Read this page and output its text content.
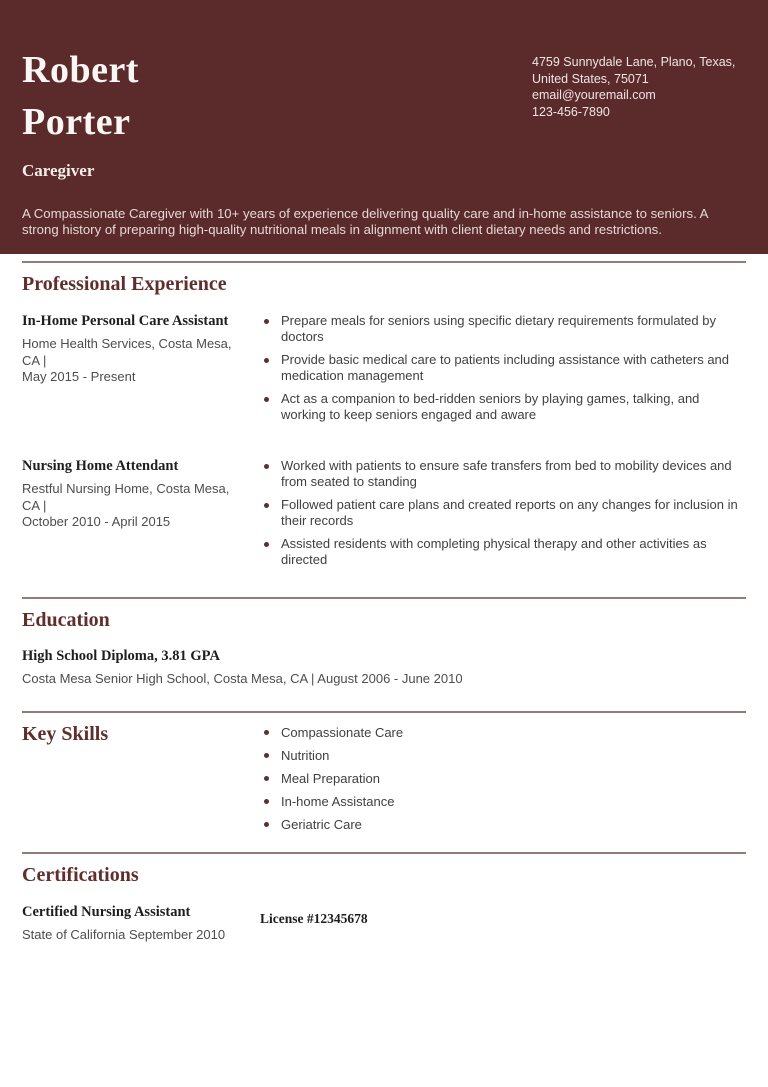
Robert
Porter
Caregiver
4759 Sunnydale Lane, Plano, Texas,
United States, 75071
email@youremail.com
123-456-7890
A Compassionate Caregiver with 10+ years of experience delivering quality care and in-home assistance to seniors. A strong history of preparing high-quality nutritional meals in alignment with client dietary needs and restrictions.
Professional Experience
In-Home Personal Care Assistant
Home Health Services, Costa Mesa, CA |
May 2015 - Present
Prepare meals for seniors using specific dietary requirements formulated by doctors
Provide basic medical care to patients including assistance with catheters and medication management
Act as a companion to bed-ridden seniors by playing games, talking, and working to keep seniors engaged and aware
Nursing Home Attendant
Restful Nursing Home, Costa Mesa, CA |
October 2010 - April 2015
Worked with patients to ensure safe transfers from bed to mobility devices and from seated to standing
Followed patient care plans and created reports on any changes for inclusion in their records
Assisted residents with completing physical therapy and other activities as directed
Education
High School Diploma, 3.81 GPA
Costa Mesa Senior High School, Costa Mesa, CA | August 2006 - June 2010
Key Skills	Compassionate Care
Nutrition
Meal Preparation
In-home Assistance
Geriatric Care
Certifications
Certified Nursing Assistant
State of California September 2010
License #12345678
